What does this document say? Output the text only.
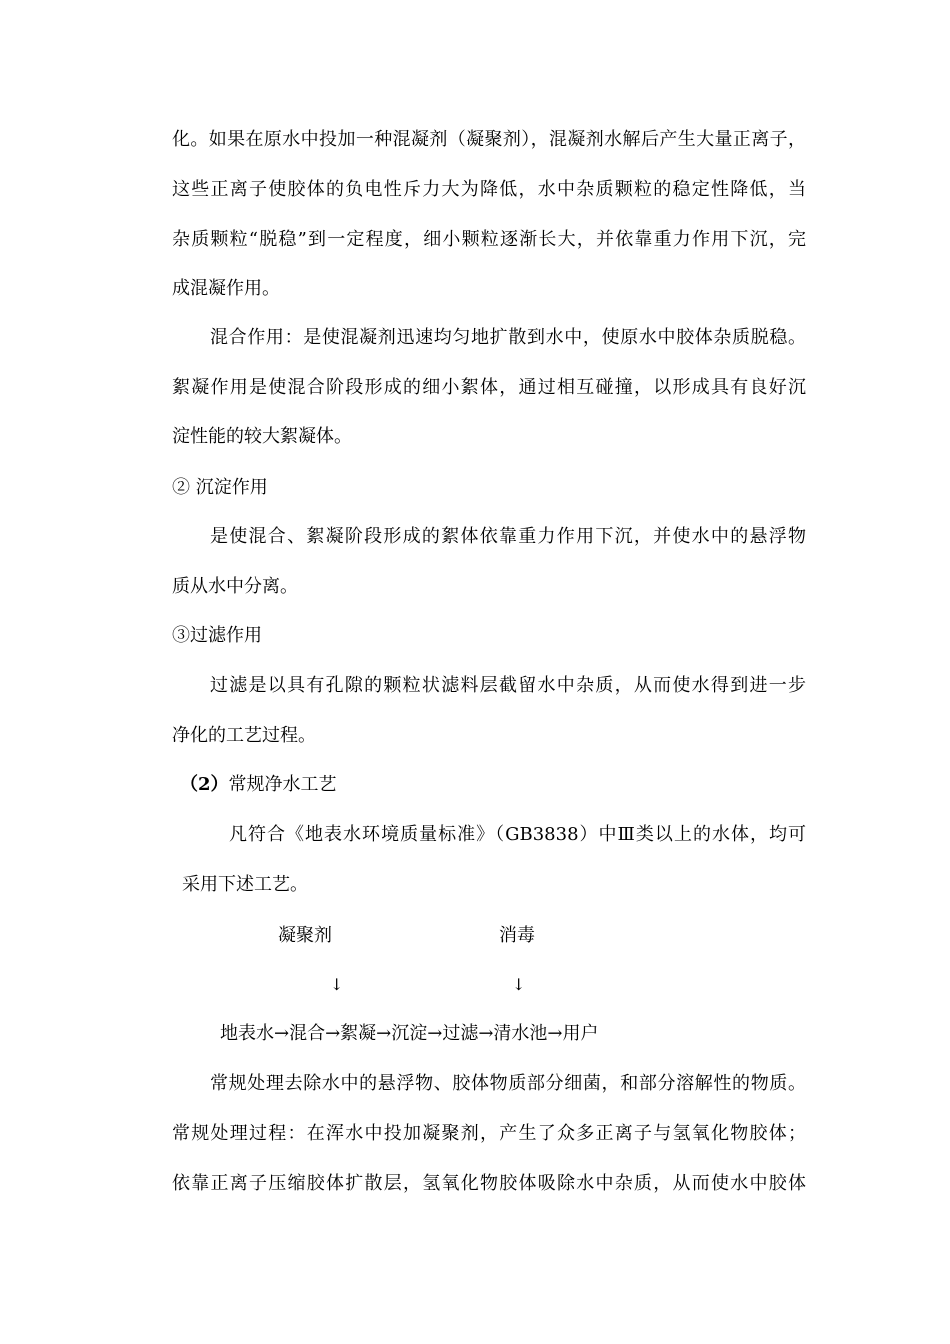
化。如果在原水中投加一种混凝剂（凝聚剂），混凝剂水解后产生大量正离子，
这些正离子使胶体的负电性斥力大为降低，水中杂质颗粒的稳定性降低，当
杂质颗粒“脱稳”到一定程度，细小颗粒逐渐长大，并依靠重力作用下沉，完
成混凝作用。
混合作用：是使混凝剂迅速均匀地扩散到水中，使原水中胶体杂质脱稳。
絮凝作用是使混合阶段形成的细小絮体，通过相互碰撞，以形成具有良好沉
淀性能的较大絮凝体。
② 沉淀作用
是使混合、絮凝阶段形成的絮体依靠重力作用下沉，并使水中的悬浮物
质从水中分离。
③过滤作用
过滤是以具有孔隙的颗粒状滤料层截留水中杂质，从而使水得到进一步
净化的工艺过程。
（2）常规净水工艺
凡符合《地表水环境质量标准》（GB3838）中Ⅲ类以上的水体，均可
采用下述工艺。
凝聚剂	消毒
↓	↓
地表水→混合→絮凝→沉淀→过滤→清水池→用户
常规处理去除水中的悬浮物、胶体物质部分细菌，和部分溶解性的物质。
常规处理过程：在浑水中投加凝聚剂，产生了众多正离子与氢氧化物胶体；
依靠正离子压缩胶体扩散层，氢氧化物胶体吸除水中杂质，从而使水中胶体
